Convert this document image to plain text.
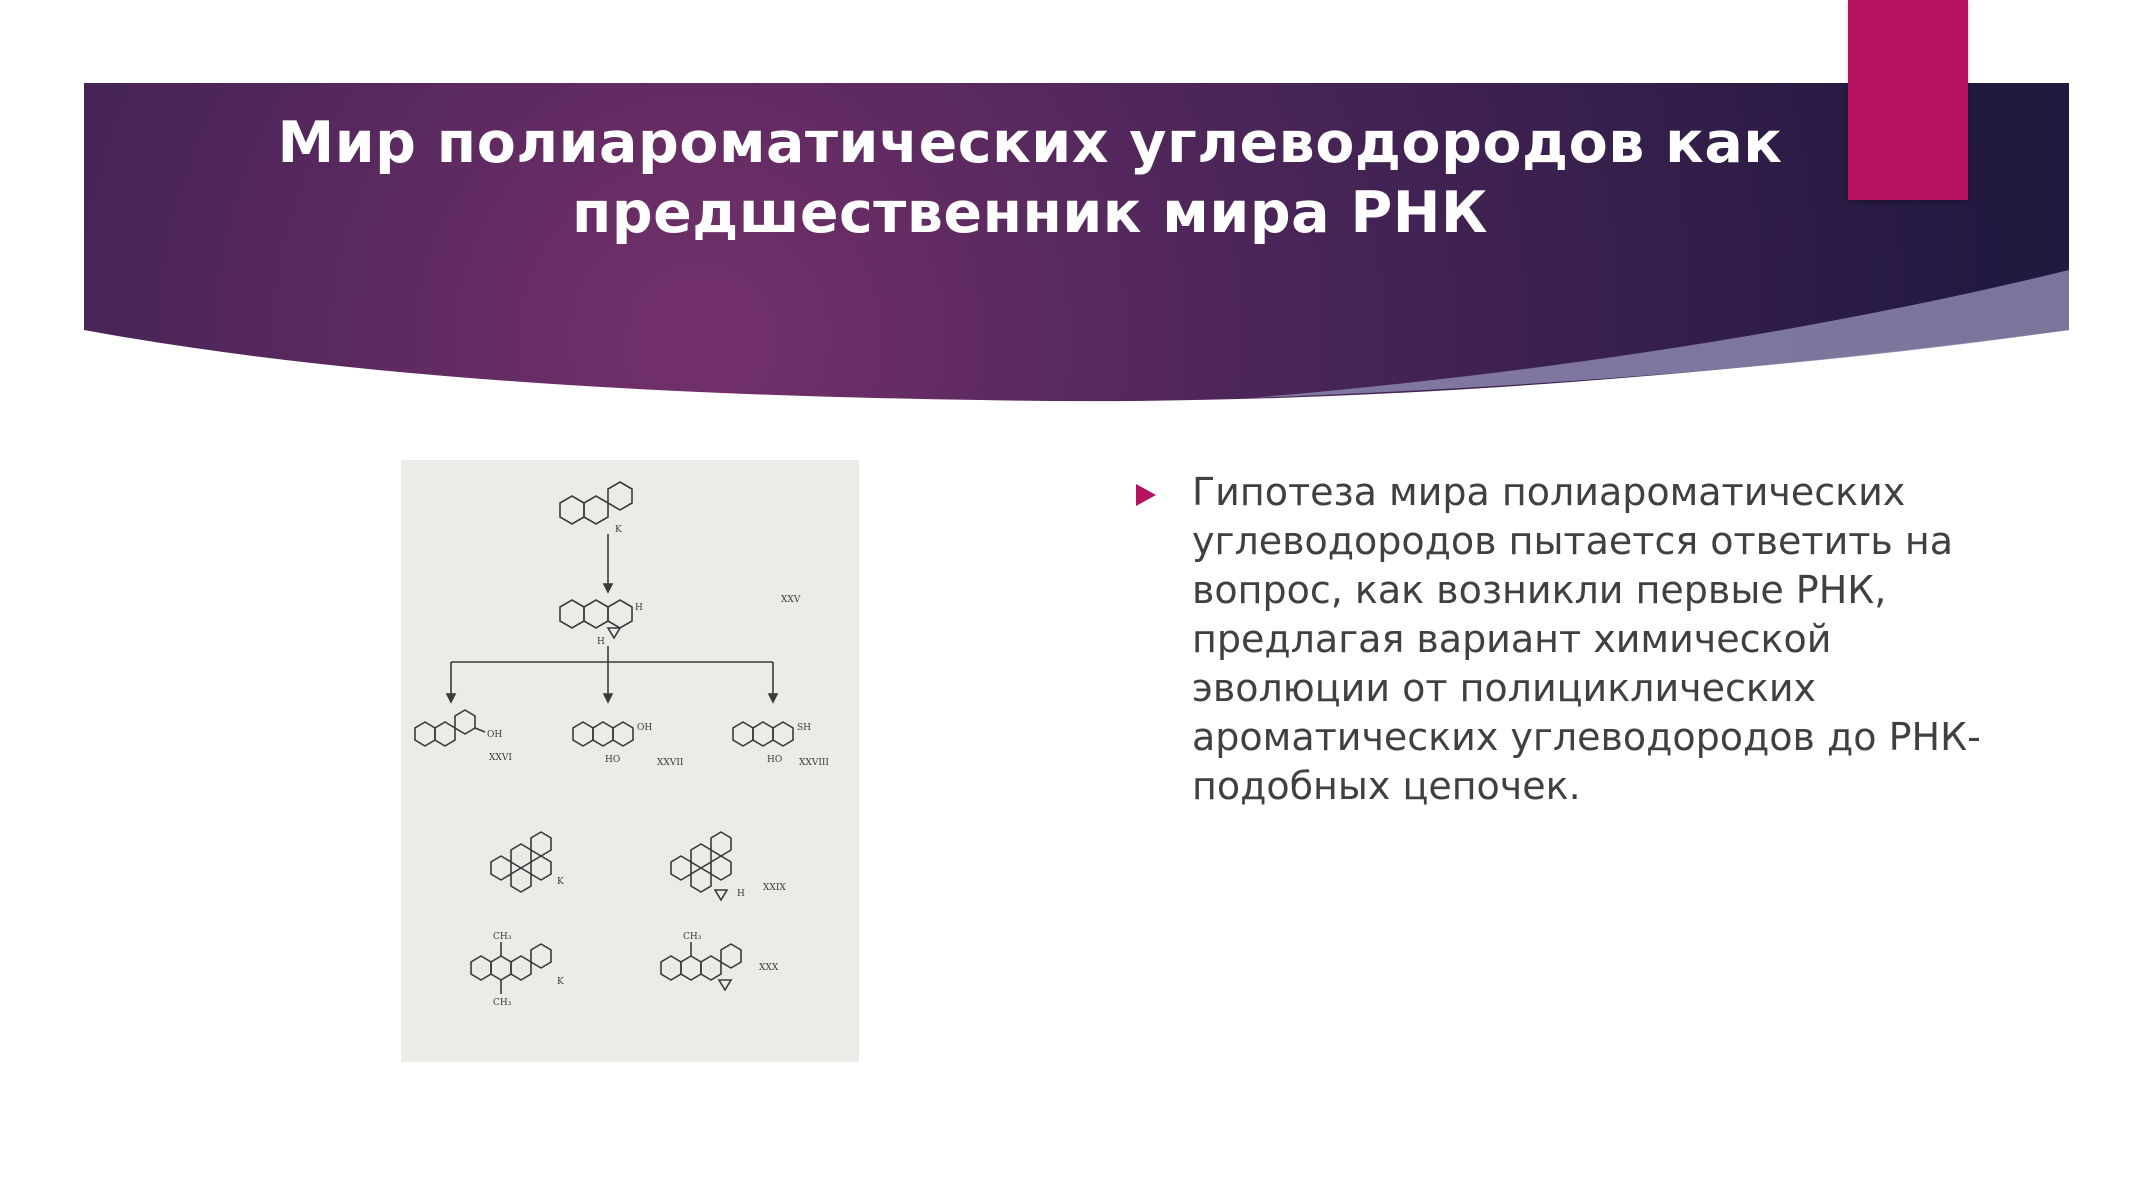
Мир полиароматических углеводородов как
предшественник мира РНК
K
H
H
XXV
OH
XXVI
OH
HO	XXVII
SH
HO XXVIII
K
H
XXIX
CH₃
CH₃
K
CH₃
XXX

Гипотеза мира полиароматических
углеводородов пытается ответить на
вопрос, как возникли первые РНК,
предлагая вариант химической
эволюции от полициклических
ароматических углеводородов до РНК-
подобных цепочек.
